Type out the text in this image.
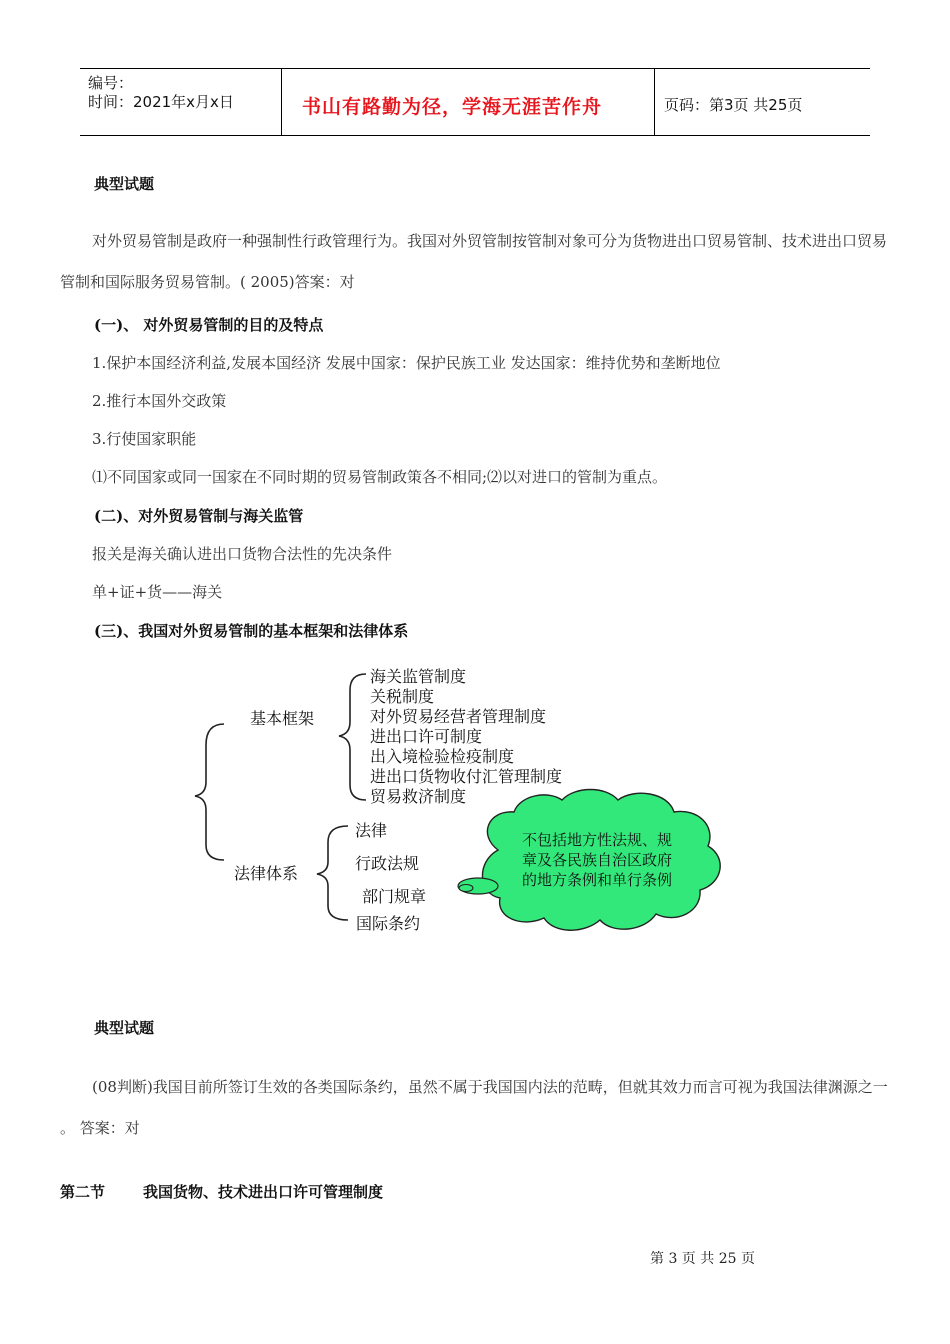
编号：
时间：2021年x月x日	书山有路勤为径，学海无涯苦作舟	页码：第3页 共25页
典型试题
对外贸易管制是政府一种强制性行政管理行为。我国对外贸管制按管制对象可分为货物进出口贸易管制、技术进出口贸易管制和国际服务贸易管制。( 2005)答案：对
(一)、 对外贸易管制的目的及特点
1.保护本国经济利益,发展本国经济 发展中国家：保护民族工业 发达国家：维持优势和垄断地位
2.推行本国外交政策
3.行使国家职能
⑴不同国家或同一国家在不同时期的贸易管制政策各不相同;⑵以对进口的管制为重点。
(二)、对外贸易管制与海关监管
报关是海关确认进出口货物合法性的先决条件
单+证+货——海关
(三)、我国对外贸易管制的基本框架和法律体系
基本框架
海关监管制度
关税制度
对外贸易经营者管理制度
进出口许可制度
出入境检验检疫制度
进出口货物收付汇管理制度
贸易救济制度
法律体系
法律
行政法规
部门规章
国际条约
不包括地方性法规、规
章及各民族自治区政府
的地方条例和单行条例
典型试题
(08判断)我国目前所签订生效的各类国际条约，虽然不属于我国国内法的范畴，但就其效力而言可视为我国法律渊源之一 。 答案：对
第二节	我国货物、技术进出口许可管理制度
第 3 页 共 25 页
